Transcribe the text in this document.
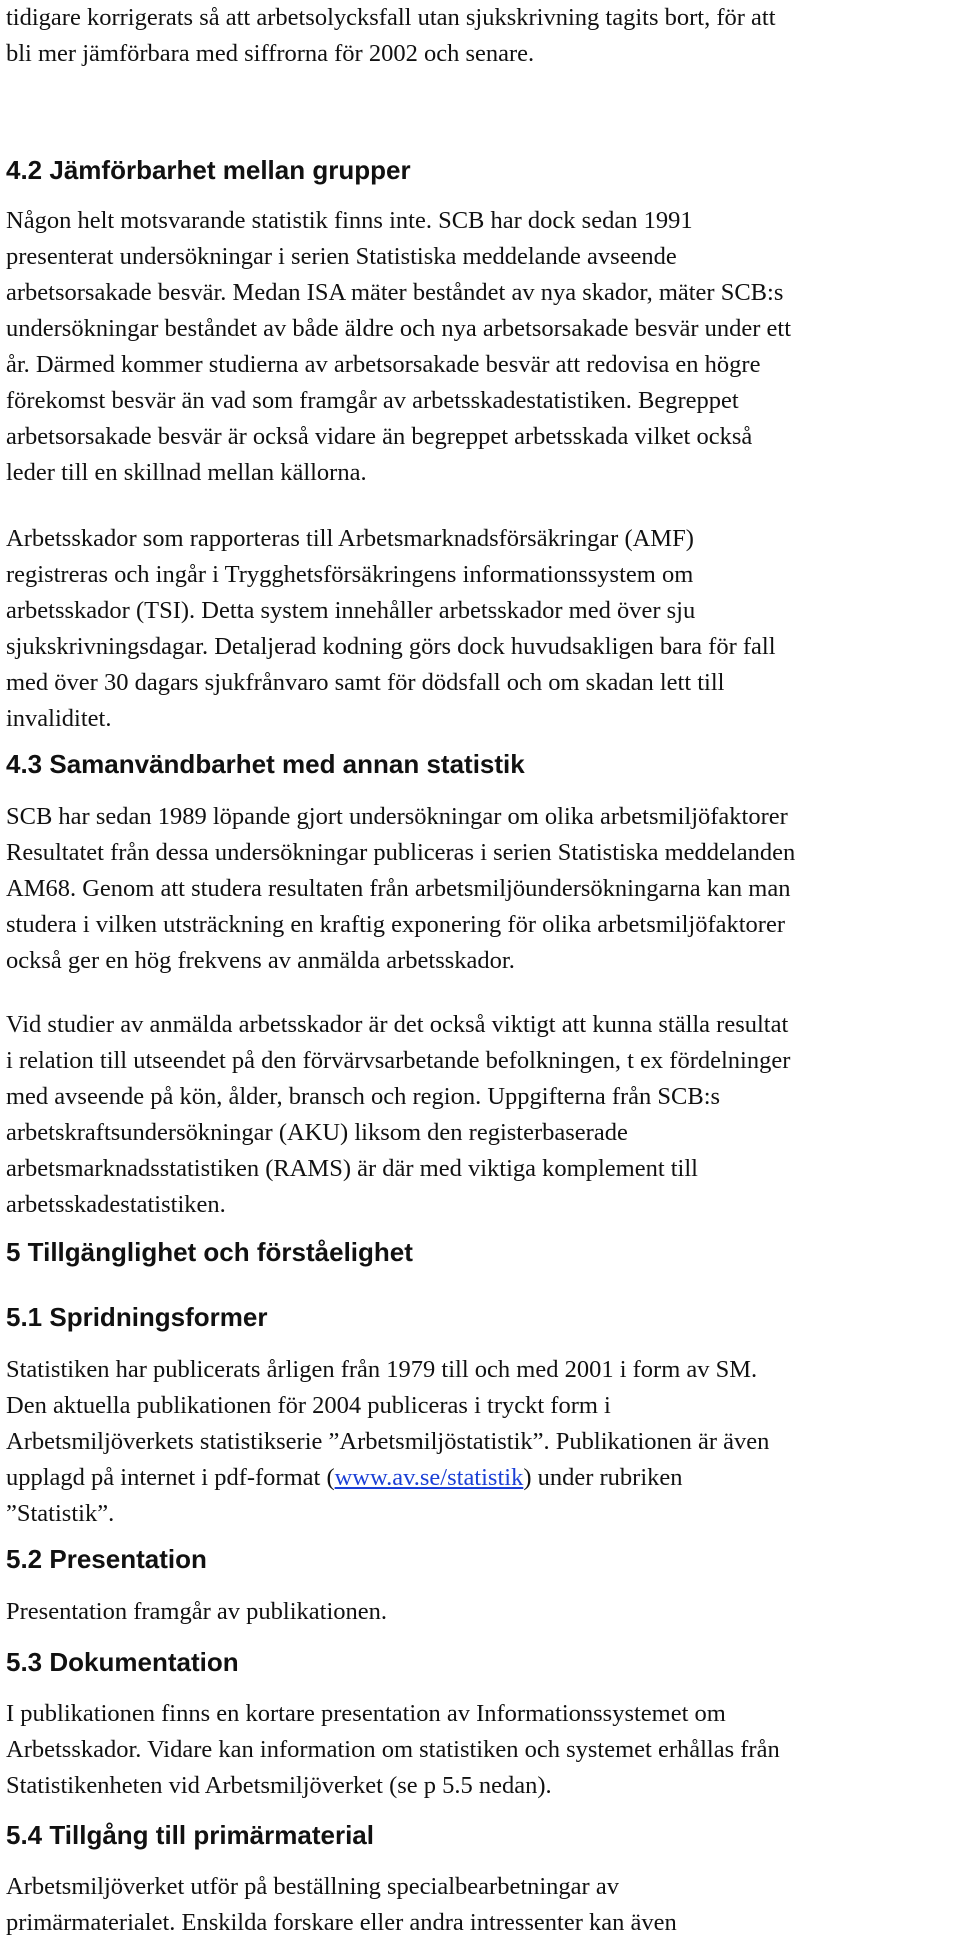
tidigare korrigerats så att arbetsolycksfall utan sjukskrivning tagits bort, för att
bli mer jämförbara med siffrorna för 2002 och senare.

4.2 Jämförbarhet mellan grupper

Någon helt motsvarande statistik finns inte. SCB har dock sedan 1991
presenterat undersökningar i serien Statistiska meddelande avseende
arbetsorsakade besvär. Medan ISA mäter beståndet av nya skador, mäter SCB:s
undersökningar beståndet av både äldre och nya arbetsorsakade besvär under ett
år. Därmed kommer studierna av arbetsorsakade besvär att redovisa en högre
förekomst besvär än vad som framgår av arbetsskadestatistiken. Begreppet
arbetsorsakade besvär är också vidare än begreppet arbetsskada vilket också
leder till en skillnad mellan källorna.

Arbetsskador som rapporteras till Arbetsmarknadsförsäkringar (AMF)
registreras och ingår i Trygghetsförsäkringens informationssystem om
arbetsskador (TSI). Detta system innehåller arbetsskador med över sju
sjukskrivningsdagar. Detaljerad kodning görs dock huvudsakligen bara för fall
med över 30 dagars sjukfrånvaro samt för dödsfall och om skadan lett till
invaliditet.

4.3 Samanvändbarhet med annan statistik

SCB har sedan 1989 löpande gjort undersökningar om olika arbetsmiljöfaktorer
Resultatet från dessa undersökningar publiceras i serien Statistiska meddelanden
AM68. Genom att studera resultaten från arbetsmiljöundersökningarna kan man
studera i vilken utsträckning en kraftig exponering för olika arbetsmiljöfaktorer
också ger en hög frekvens av anmälda arbetsskador.

Vid studier av anmälda arbetsskador är det också viktigt att kunna ställa resultat
i relation till utseendet på den förvärvsarbetande befolkningen, t ex fördelninger
med avseende på kön, ålder, bransch och region. Uppgifterna från SCB:s
arbetskraftsundersökningar (AKU) liksom den registerbaserade
arbetsmarknadsstatistiken (RAMS) är där med viktiga komplement till
arbetsskadestatistiken.

5 Tillgänglighet och förståelighet
5.1 Spridningsformer

Statistiken har publicerats årligen från 1979 till och med 2001 i form av SM.
Den aktuella publikationen för 2004 publiceras i tryckt form i
Arbetsmiljöverkets statistikserie ”Arbetsmiljöstatistik”. Publikationen är även
upplagd på internet i pdf-format (www.av.se/statistik) under rubriken
”Statistik”.

5.2 Presentation

Presentation framgår av publikationen.

5.3 Dokumentation

I publikationen finns en kortare presentation av Informationssystemet om
Arbetsskador. Vidare kan information om statistiken och systemet erhållas från
Statistikenheten vid Arbetsmiljöverket (se p 5.5 nedan).

5.4 Tillgång till primärmaterial

Arbetsmiljöverket utför på beställning specialbearbetningar av
primärmaterialet. Enskilda forskare eller andra intressenter kan även
